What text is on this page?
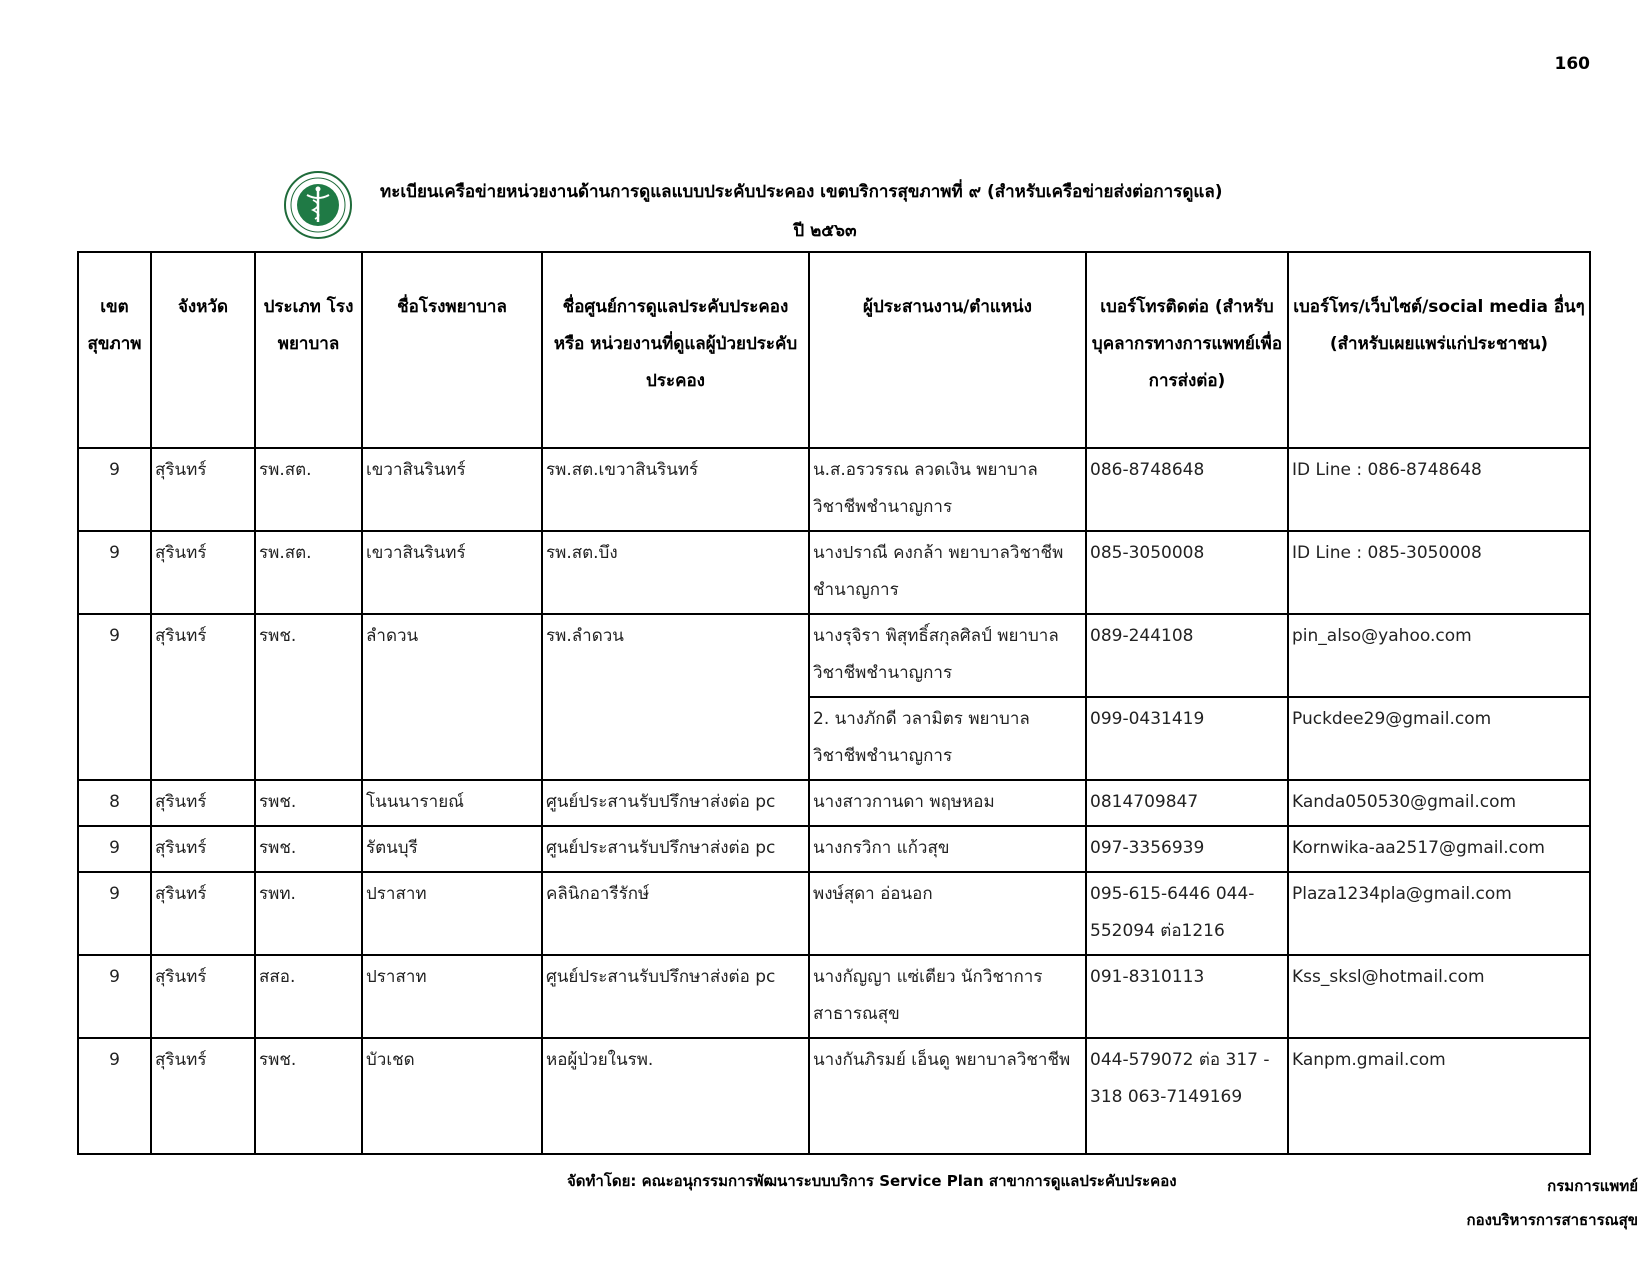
160
ทะเบียนเครือข่ายหน่วยงานด้านการดูแลแบบประคับประคอง เขตบริการสุขภาพที่ ๙ (สำหรับเครือข่ายส่งต่อการดูแล)
ปี ๒๕๖๓
เขต สุขภาพ	จังหวัด	ประเภท โรงพยาบาล	ชื่อโรงพยาบาล	ชื่อศูนย์การดูแลประคับประคอง หรือ หน่วยงานที่ดูแลผู้ป่วยประคับประคอง	ผู้ประสานงาน/ตำแหน่ง	เบอร์โทรติดต่อ (สำหรับบุคลากรทางการแพทย์เพื่อการส่งต่อ)	เบอร์โทร/เว็บไซต์/social media อื่นๆ (สำหรับเผยแพร่แก่ประชาชน)
9	สุรินทร์	รพ.สต.	เขวาสินรินทร์	รพ.สต.เขวาสินรินทร์	น.ส.อรวรรณ ลวดเงิน พยาบาลวิชาชีพชำนาญการ	086-8748648	ID Line : 086-8748648
9	สุรินทร์	รพ.สต.	เขวาสินรินทร์	รพ.สต.บึง	นางปราณี คงกล้า พยาบาลวิชาชีพชำนาญการ	085-3050008	ID Line : 085-3050008
9	สุรินทร์	รพช.	ลำดวน	รพ.ลำดวน	นางรุจิรา พิสุทธิ์สกุลศิลป์ พยาบาลวิชาชีพชำนาญการ	089-244108	pin_also@yahoo.com
					2. นางภักดี วลามิตร พยาบาลวิชาชีพชำนาญการ	099-0431419	Puckdee29@gmail.com
8	สุรินทร์	รพช.	โนนนารายณ์	ศูนย์ประสานรับปรึกษาส่งต่อ pc	นางสาวกานดา พฤษหอม	0814709847	Kanda050530@gmail.com
9	สุรินทร์	รพช.	รัตนบุรี	ศูนย์ประสานรับปรึกษาส่งต่อ pc	นางกรวิกา แก้วสุข	097-3356939	Kornwika-aa2517@gmail.com
9	สุรินทร์	รพท.	ปราสาท	คลินิกอารีรักษ์	พงษ์สุดา อ่อนอก	095-615-6446 044-552094 ต่อ1216	Plaza1234pla@gmail.com
9	สุรินทร์	สสอ.	ปราสาท	ศูนย์ประสานรับปรึกษาส่งต่อ pc	นางกัญญา แซ่เตียว นักวิชาการสาธารณสุข	091-8310113	Kss_sksl@hotmail.com
9	สุรินทร์	รพช.	บัวเชด	หอผู้ป่วยในรพ.	นางกันภิรมย์ เอ็นดู พยาบาลวิชาชีพ	044-579072 ต่อ 317 - 318 063-7149169	Kanpm.gmail.com
จัดทำโดย: คณะอนุกรรมการพัฒนาระบบบริการ Service Plan สาขาการดูแลประคับประคอง	กรมการแพทย์
กองบริหารการสาธารณสุข
